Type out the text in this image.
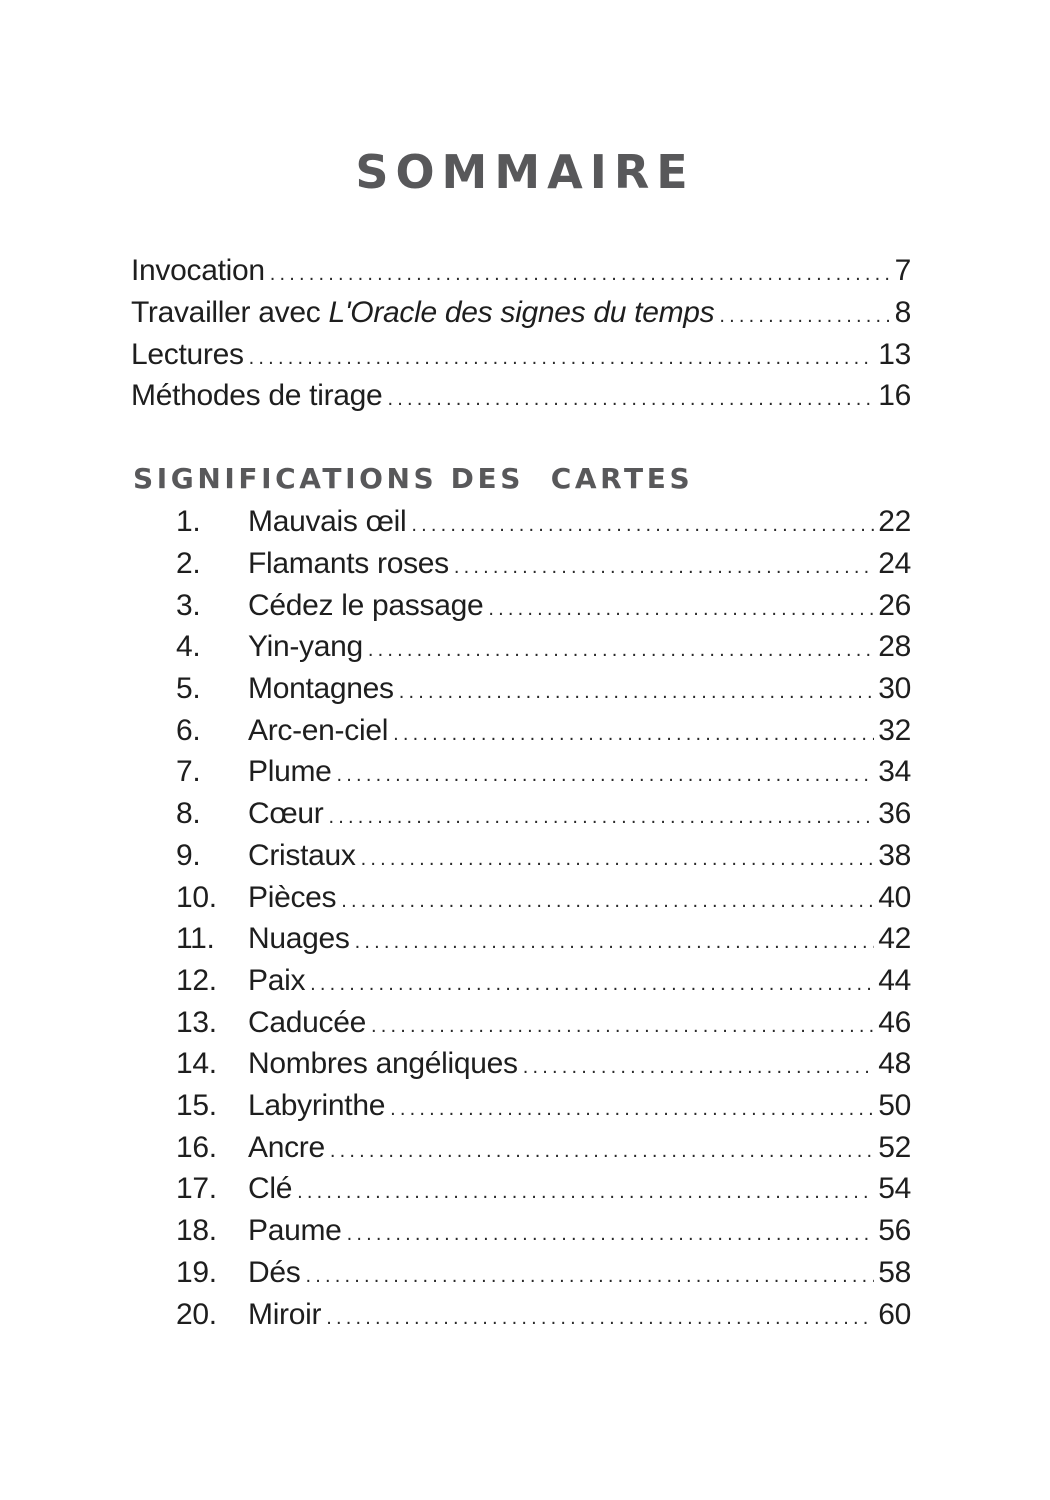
SOMMAIRE
Invocation .....	7
Travailler avec L'Oracle des signes du temps .....	8
Lectures .....	13
Méthodes de tirage .....	16
SIGNIFICATIONS DES  CARTES
1.	Mauvais œil .....	22
2.	Flamants roses .....	24
3.	Cédez le passage .....	26
4.	Yin-yang .....	28
5.	Montagnes .....	30
6.	Arc-en-ciel .....	32
7.	Plume .....	34
8.	Cœur .....	36
9.	Cristaux .....	38
10.	Pièces .....	40
11.	Nuages .....	42
12.	Paix .....	44
13.	Caducée .....	46
14.	Nombres angéliques .....	48
15.	Labyrinthe .....	50
16.	Ancre .....	52
17.	Clé .....	54
18.	Paume .....	56
19.	Dés .....	58
20.	Miroir .....	60
